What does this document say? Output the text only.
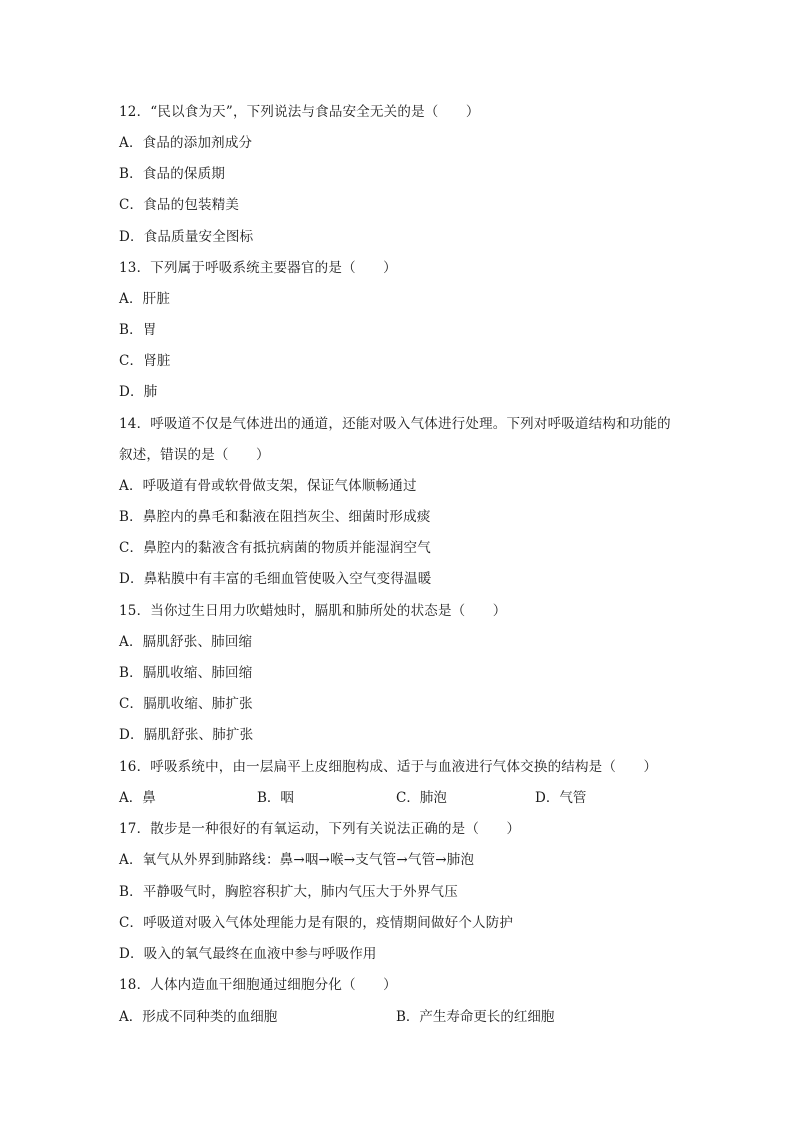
12．“民以食为天”，下列说法与食品安全无关的是（　　）
A．食品的添加剂成分
B．食品的保质期
C．食品的包装精美
D．食品质量安全图标
13．下列属于呼吸系统主要器官的是（　　）
A．肝脏
B．胃
C．肾脏
D．肺
14．呼吸道不仅是气体进出的通道，还能对吸入气体进行处理。下列对呼吸道结构和功能的
叙述，错误的是（　　）
A．呼吸道有骨或软骨做支架，保证气体顺畅通过
B．鼻腔内的鼻毛和黏液在阻挡灰尘、细菌时形成痰
C．鼻腔内的黏液含有抵抗病菌的物质并能湿润空气
D．鼻粘膜中有丰富的毛细血管使吸入空气变得温暖
15．当你过生日用力吹蜡烛时，膈肌和肺所处的状态是（　　）
A．膈肌舒张、肺回缩
B．膈肌收缩、肺回缩
C．膈肌收缩、肺扩张
D．膈肌舒张、肺扩张
16．呼吸系统中，由一层扁平上皮细胞构成、适于与血液进行气体交换的结构是（　　）
A．鼻	B．咽	C．肺泡	D．气管
17．散步是一种很好的有氧运动，下列有关说法正确的是（　　）
A．氧气从外界到肺路线：鼻→咽→喉→支气管→气管→肺泡
B．平静吸气时，胸腔容积扩大，肺内气压大于外界气压
C．呼吸道对吸入气体处理能力是有限的，疫情期间做好个人防护
D．吸入的氧气最终在血液中参与呼吸作用
18．人体内造血干细胞通过细胞分化（　　）
A．形成不同种类的血细胞	B．产生寿命更长的红细胞
